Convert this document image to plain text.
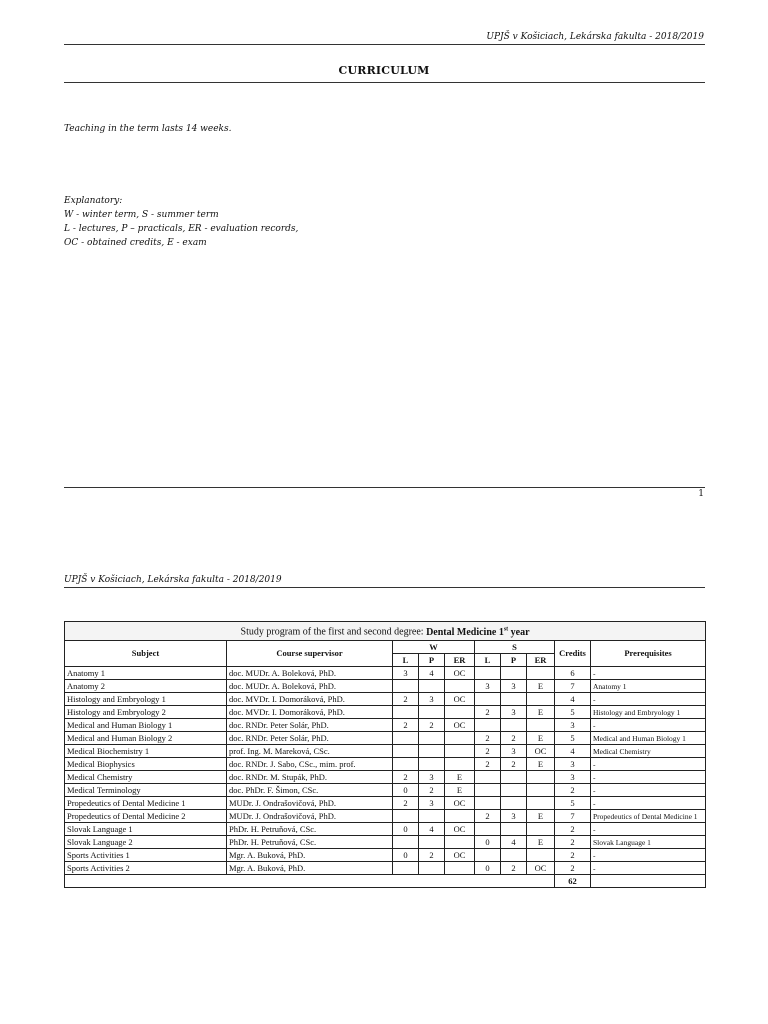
UPJŠ v Košiciach, Lekárska fakulta - 2018/2019
CURRICULUM
Teaching in the term lasts 14 weeks.
Explanatory:
W - winter term, S - summer term
L - lectures, P – practicals, ER - evaluation records,
OC - obtained credits, E - exam
1
UPJŠ v Košiciach, Lekárska fakulta - 2018/2019
Study program of the first and second degree: Dental Medicine 1st year									
Subject	Course supervisor	W			S			Credits	Prerequisites
		L	P	ER	L	P	ER		
Anatomy 1	doc. MUDr. A. Boleková, PhD.	3	4	OC				6	-
Anatomy 2	doc. MUDr. A. Boleková, PhD.				3	3	E	7	Anatomy 1
Histology and Embryology 1	doc. MVDr. I. Domoráková, PhD.	2	3	OC				4	-
Histology and Embryology 2	doc. MVDr. I. Domoráková, PhD.				2	3	E	5	Histology and Embryology 1
Medical and Human Biology 1	doc. RNDr. Peter Solár, PhD.	2	2	OC				3	-
Medical and Human Biology 2	doc. RNDr. Peter Solár, PhD.				2	2	E	5	Medical and Human Biology 1
Medical Biochemistry 1	prof. Ing. M. Mareková, CSc.				2	3	OC	4	Medical Chemistry
Medical Biophysics	doc. RNDr. J. Sabo, CSc., mim. prof.				2	2	E	3	-
Medical Chemistry	doc. RNDr. M. Stupák, PhD.	2	3	E				3	-
Medical Terminology	doc. PhDr. F. Šimon, CSc.	0	2	E				2	-
Propedeutics of Dental Medicine 1	MUDr. J. Ondrašovičová, PhD.	2	3	OC				5	-
Propedeutics of Dental Medicine 2	MUDr. J. Ondrašovičová, PhD.				2	3	E	7	Propedeutics of Dental Medicine 1
Slovak Language 1	PhDr. H. Petruňová, CSc.	0	4	OC				2	-
Slovak Language 2	PhDr. H. Petruňová, CSc.				0	4	E	2	Slovak Language 1
Sports Activities 1	Mgr. A. Buková, PhD.	0	2	OC				2	-
Sports Activities 2	Mgr. A. Buková, PhD.				0	2	OC	2	-
								62	
